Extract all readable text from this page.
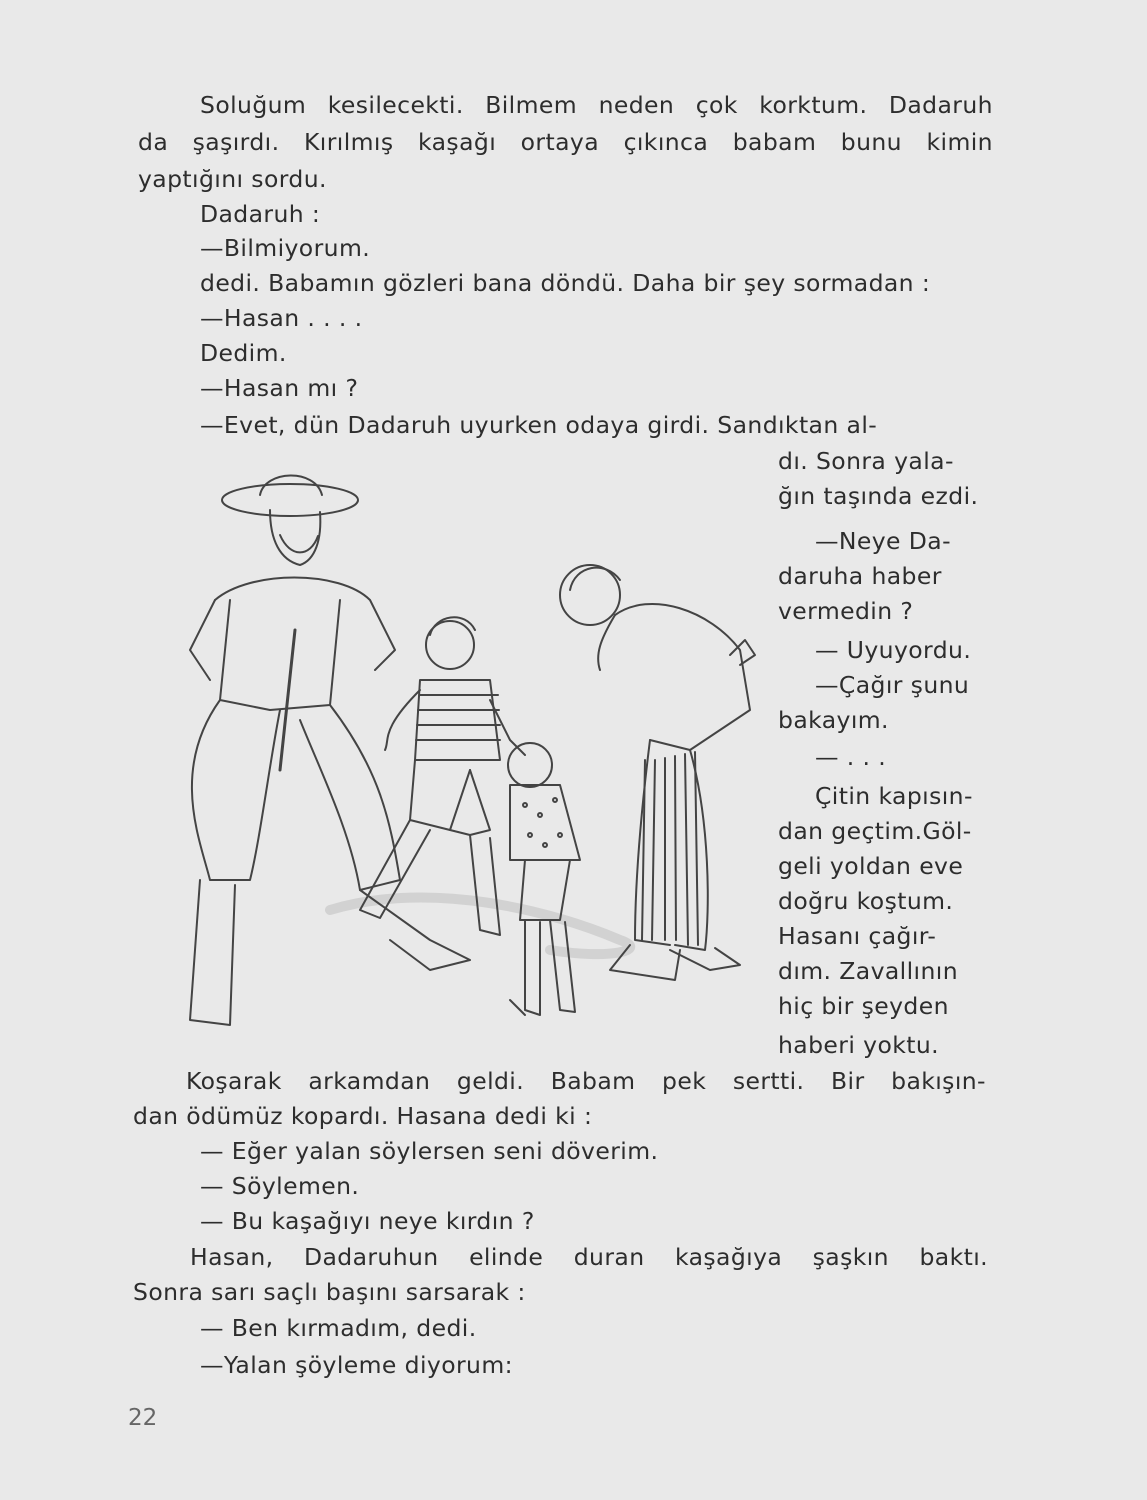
Soluğum kesilecekti. Bilmem neden çok korktum. Dadaruh
da şaşırdı. Kırılmış kaşağı ortaya çıkınca babam bunu kimin
yaptığını sordu.
Dadaruh :
—Bilmiyorum.
dedi. Babamın gözleri bana döndü. Daha bir şey sormadan :
—Hasan . . . .
Dedim.
—Hasan mı ?
—Evet, dün Dadaruh uyurken odaya girdi. Sandıktan al-
dı. Sonra yala-
ğın taşında ezdi.
—Neye Da-
daruha haber
vermedin ?
— Uyuyordu.
—Çağır şunu
bakayım.
— . . .
Çitin kapısın-
dan geçtim.Göl-
geli yoldan eve
doğru koştum.
Hasanı çağır-
dım. Zavallının
hiç bir şeyden
haberi yoktu.
Koşarak arkamdan geldi. Babam pek sertti. Bir bakışın-
dan ödümüz kopardı. Hasana dedi ki :
— Eğer yalan söylersen seni döverim.
— Söylemen.
— Bu kaşağıyı neye kırdın ?
Hasan, Dadaruhun elinde duran kaşağıya şaşkın baktı.
Sonra sarı saçlı başını sarsarak :
— Ben kırmadım, dedi.
—Yalan şöyleme diyorum:
22
